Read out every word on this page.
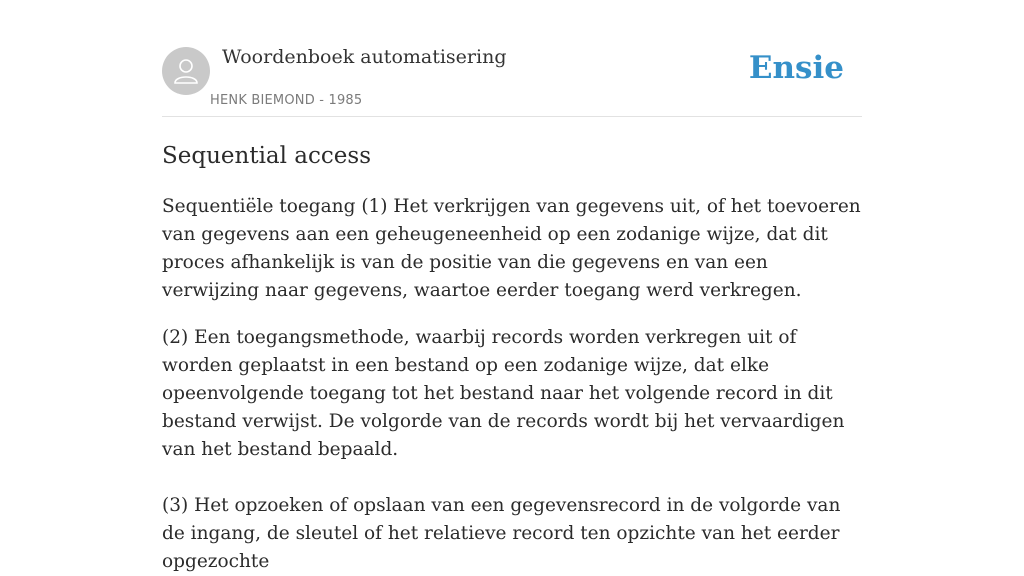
Woordenboek automatisering
HENK BIEMOND - 1985
Ensie
Sequential access

Sequentiële toegang (1) Het verkrijgen van gegevens uit, of het toevoeren van gegevens aan een geheugeneenheid op een zodanige wijze, dat dit proces afhankelijk is van de positie van die gegevens en van een verwijzing naar gegevens, waartoe eerder toegang werd verkregen.

(2) Een toegangsmethode, waarbij records worden verkregen uit of worden geplaatst in een bestand op een zodanige wijze, dat elke opeenvolgende toegang tot het bestand naar het volgende record in dit bestand verwijst. De volgorde van de records wordt bij het vervaardigen van het bestand bepaald.

(3) Het opzoeken of opslaan van een gegevensrecord in de volgorde van de ingang, de sleutel of het relatieve record ten opzichte van het eerder opgezochte
